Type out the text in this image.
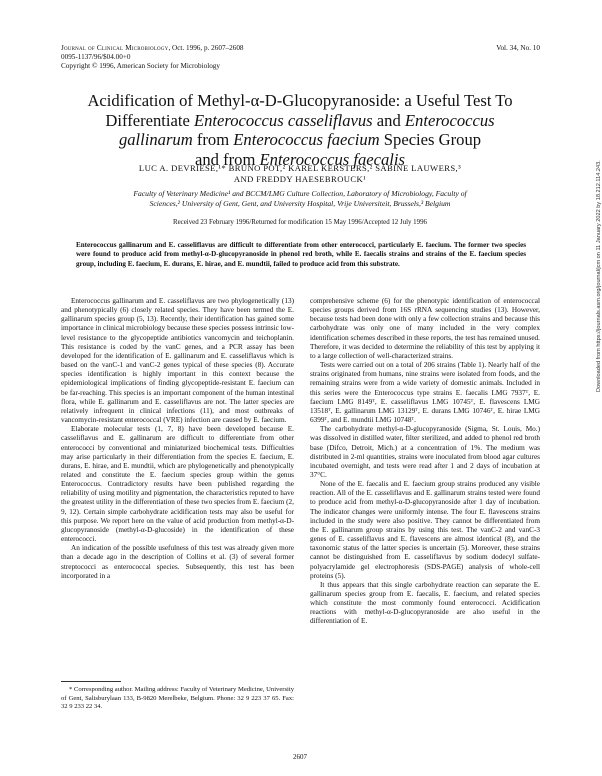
Journal of Clinical Microbiology, Oct. 1996, p. 2607–2608
0095-1137/96/$04.00+0
Copyright © 1996, American Society for Microbiology
Vol. 34, No. 10
Acidification of Methyl-α-D-Glucopyranoside: a Useful Test To
Differentiate Enterococcus casseliflavus and Enterococcus
gallinarum from Enterococcus faecium Species Group
and from Enterococcus faecalis
LUC A. DEVRIESE,¹* BRUNO POT,² KAREL KERSTERS,² SABINE LAUWERS,³
AND FREDDY HAESEBROUCK¹
Faculty of Veterinary Medicine¹ and BCCM/LMG Culture Collection, Laboratory of Microbiology, Faculty of
Sciences,² University of Gent, Gent, and University Hospital, Vrije Universiteit, Brussels,³ Belgium
Received 23 February 1996/Returned for modification 15 May 1996/Accepted 12 July 1996
Enterococcus gallinarum and E. casseliflavus are difficult to differentiate from other enterococci, particularly E. faecium. The former two species were found to produce acid from methyl-α-D-glucopyranoside in phenol red broth, while E. faecalis strains and strains of the E. faecium species group, including E. faecium, E. durans, E. hirae, and E. mundtii, failed to produce acid from this substrate.

Enterococcus gallinarum and E. casseliflavus are two phylogenetically (13) and phenotypically (6) closely related species. They have been termed the E. gallinarum species group (5, 13). Recently, their identification has gained some importance in clinical microbiology because these species possess intrinsic low-level resistance to the glycopeptide antibiotics vancomycin and teichoplanin. This resistance is coded by the vanC genes, and a PCR assay has been developed for the identification of E. gallinarum and E. casseliflavus which is based on the vanC-1 and vanC-2 genes typical of these species (8). Accurate species identification is highly important in this context because the epidemiological implications of finding glycopeptide-resistant E. faecium can be far-reaching. This species is an important component of the human intestinal flora, while E. gallinarum and E. casseliflavus are not. The latter species are relatively infrequent in clinical infections (11), and most outbreaks of vancomycin-resistant enterococcal (VRE) infection are caused by E. faecium.

Elaborate molecular tests (1, 7, 8) have been developed because E. casseliflavus and E. gallinarum are difficult to differentiate from other enterococci by conventional and miniaturized biochemical tests. Difficulties may arise particularly in their differentiation from the species E. faecium, E. durans, E. hirae, and E. mundtii, which are phylogenetically and phenotypically related and constitute the E. faecium species group within the genus Enterococcus. Contradictory results have been published regarding the reliability of using motility and pigmentation, the characteristics reputed to have the greatest utility in the differentiation of these two species from E. faecium (2, 9, 12). Certain simple carbohydrate acidification tests may also be useful for this purpose. We report here on the value of acid production from methyl-α-D-glucopyranoside (methyl-α-D-glucoside) in the identification of these enterococci.

An indication of the possible usefulness of this test was already given more than a decade ago in the description of Collins et al. (3) of several former streptococci as enterococcal species. Subsequently, this test has been incorporated in a

comprehensive scheme (6) for the phenotypic identification of enterococcal species groups derived from 16S rRNA sequencing studies (13). However, because tests had been done with only a few collection strains and because this carbohydrate was only one of many included in the very complex identification schemes described in these reports, the test has remained unused. Therefore, it was decided to determine the reliability of this test by applying it to a large collection of well-characterized strains.

Tests were carried out on a total of 206 strains (Table 1). Nearly half of the strains originated from humans, nine strains were isolated from foods, and the remaining strains were from a wide variety of domestic animals. Included in this series were the Enterococcus type strains E. faecalis LMG 7937ᵀ, E. faecium LMG 8149ᵀ, E. casseliflavus LMG 10745ᵀ, E. flavescens LMG 13518ᵀ, E. gallinarum LMG 13129ᵀ, E. durans LMG 10746ᵀ, E. hirae LMG 6399ᵀ, and E. mundtii LMG 10748ᵀ.

The carbohydrate methyl-α-D-glucopyranoside (Sigma, St. Louis, Mo.) was dissolved in distilled water, filter sterilized, and added to phenol red broth base (Difco, Detroit, Mich.) at a concentration of 1%. The medium was distributed in 2-ml quantities, strains were inoculated from blood agar cultures incubated overnight, and tests were read after 1 and 2 days of incubation at 37°C.

None of the E. faecalis and E. faecium group strains produced any visible reaction. All of the E. casseliflavus and E. gallinarum strains tested were found to produce acid from methyl-α-D-glucopyranoside after 1 day of incubation. The indicator changes were uniformly intense. The four E. flavescens strains included in the study were also positive. They cannot be differentiated from the E. gallinarum group strains by using this test. The vanC-2 and vanC-3 genes of E. casseliflavus and E. flavescens are almost identical (8), and the taxonomic status of the latter species is uncertain (5). Moreover, these strains cannot be distinguished from E. casseliflavus by sodium dodecyl sulfate-polyacrylamide gel electrophoresis (SDS-PAGE) analysis of whole-cell proteins (5).

It thus appears that this single carbohydrate reaction can separate the E. gallinarum species group from E. faecalis, E. faecium, and related species which constitute the most commonly found enterococci. Acidification reactions with methyl-α-D-glucopyranoside are also useful in the differentiation of E.

* Corresponding author. Mailing address: Faculty of Veterinary Medicine, University of Gent, Salisburylaan 133, B-9820 Merelbeke, Belgium. Phone: 32 9 223 37 65. Fax: 32 9 233 22 34.
2607
Downloaded from https://journals.asm.org/journal/jcm on 11 January 2022 by 18.212.114.243.
